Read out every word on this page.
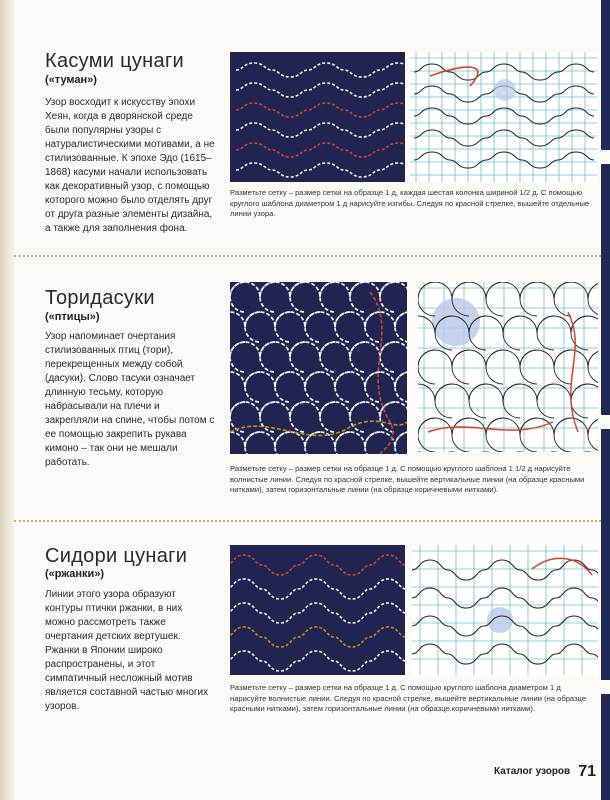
Касуми цунаги
(«туман»)
Узор восходит к искусству эпохи Хеян, когда в дворянской среде были популярны узоры с натуралистическими мотивами, а не стилизованные. К эпохе Эдо (1615–1868) касуми начали использовать как декоративный узор, с помощью которого можно было отделять друг от друга разные элементы дизайна, а также для заполнения фона.
Разметьте сетку – размер сетки на образце 1 д, каждая шестая колонка шириной 1/2 д. С помощью круглого шаблона диаметром 1 д нарисуйте изгибы. Следуя по красной стрелке, вышейте отдельные линии узора.
Торидасуки
(«птицы»)
Узор напоминает очертания стилизованных птиц (тори), перекрещенных между собой (дасуки). Слово тасуки означает длинную тесьму, которую набрасывали на плечи и закрепляли на спине, чтобы потом с ее помощью закрепить рукава кимоно – так они не мешали работать.
Разметьте сетку – размер сетки на образце 1 д. С помощью круглого шаблона 1 1/2 д нарисуйте волнистые линии. Следуя по красной стрелке, вышейте вертикальные линии (на образце красными нитками), затем горизонтальные линии (на образце коричневыми нитками).
Сидори цунаги
(«ржанки»)
Линии этого узора образуют контуры птички ржанки, в них можно рассмотреть также очертания детских вертушек. Ржанки в Японии широко распространены, и этот симпатичный несложный мотив является составной частью многих узоров.
Разметьте сетку – размер сетки на образце 1 д. С помощью круглого шаблона диаметром 1 д нарисуйте волнистые линии. Следуя по красной стрелке, вышейте вертикальные линии (на образце красными нитками), затем горизонтальные линии (на образце коричневыми нитками).
Каталог узоров 71
